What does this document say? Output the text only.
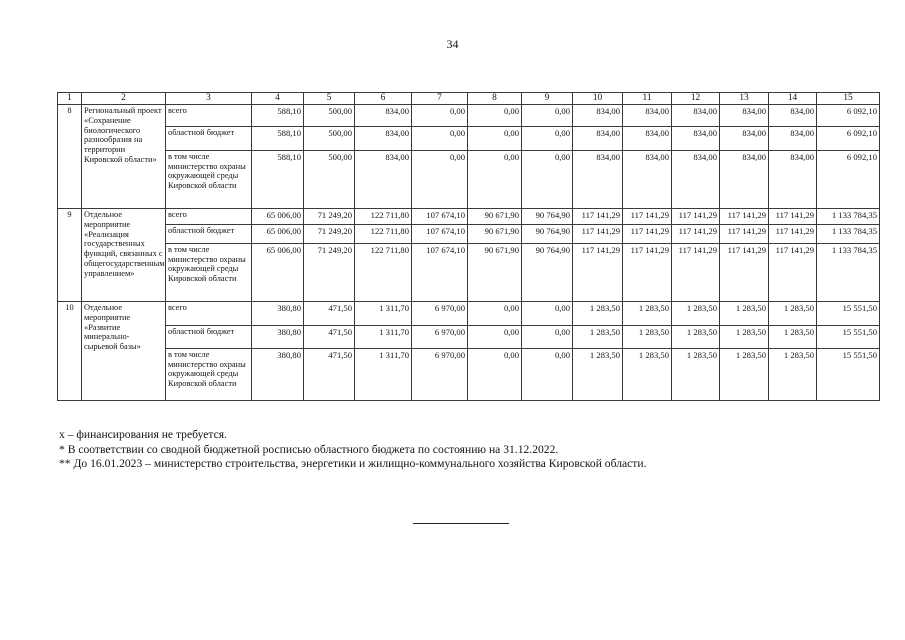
34
1	2	3	4	5	6	7	8	9	10	11	12	13	14	15
8	Региональный проект «Сохранение биологического разнообразия на территории Кировской области»	всего	588,10	500,00	834,00	0,00	0,00	0,00	834,00	834,00	834,00	834,00	834,00	6 092,10
		областной бюджет	588,10	500,00	834,00	0,00	0,00	0,00	834,00	834,00	834,00	834,00	834,00	6 092,10
		в том числе министерство охраны окружающей среды Кировской области	588,10	500,00	834,00	0,00	0,00	0,00	834,00	834,00	834,00	834,00	834,00	6 092,10
9	Отдельное мероприятие «Реализация государственных функций, связанных с общегосударственным управлением»	всего	65 006,00	71 249,20	122 711,80	107 674,10	90 671,90	90 764,90	117 141,29	117 141,29	117 141,29	117 141,29	117 141,29	1 133 784,35
		областной бюджет	65 006,00	71 249,20	122 711,80	107 674,10	90 671,90	90 764,90	117 141,29	117 141,29	117 141,29	117 141,29	117 141,29	1 133 784,35
		в том числе министерство охраны окружающей среды Кировской области	65 006,00	71 249,20	122 711,80	107 674,10	90 671,90	90 764,90	117 141,29	117 141,29	117 141,29	117 141,29	117 141,29	1 133 784,35
10	Отдельное мероприятие «Развитие минерально-сырьевой базы»	всего	380,80	471,50	1 311,70	6 970,00	0,00	0,00	1 283,50	1 283,50	1 283,50	1 283,50	1 283,50	15 551,50
		областной бюджет	380,80	471,50	1 311,70	6 970,00	0,00	0,00	1 283,50	1 283,50	1 283,50	1 283,50	1 283,50	15 551,50
		в том числе министерство охраны окружающей среды Кировской области	380,80	471,50	1 311,70	6 970,00	0,00	0,00	1 283,50	1 283,50	1 283,50	1 283,50	1 283,50	15 551,50
х – финансирования не требуется.
* В соответствии со сводной бюджетной росписью областного бюджета по состоянию на 31.12.2022.
** До 16.01.2023 – министерство строительства, энергетики и жилищно-коммунального хозяйства Кировской области.
